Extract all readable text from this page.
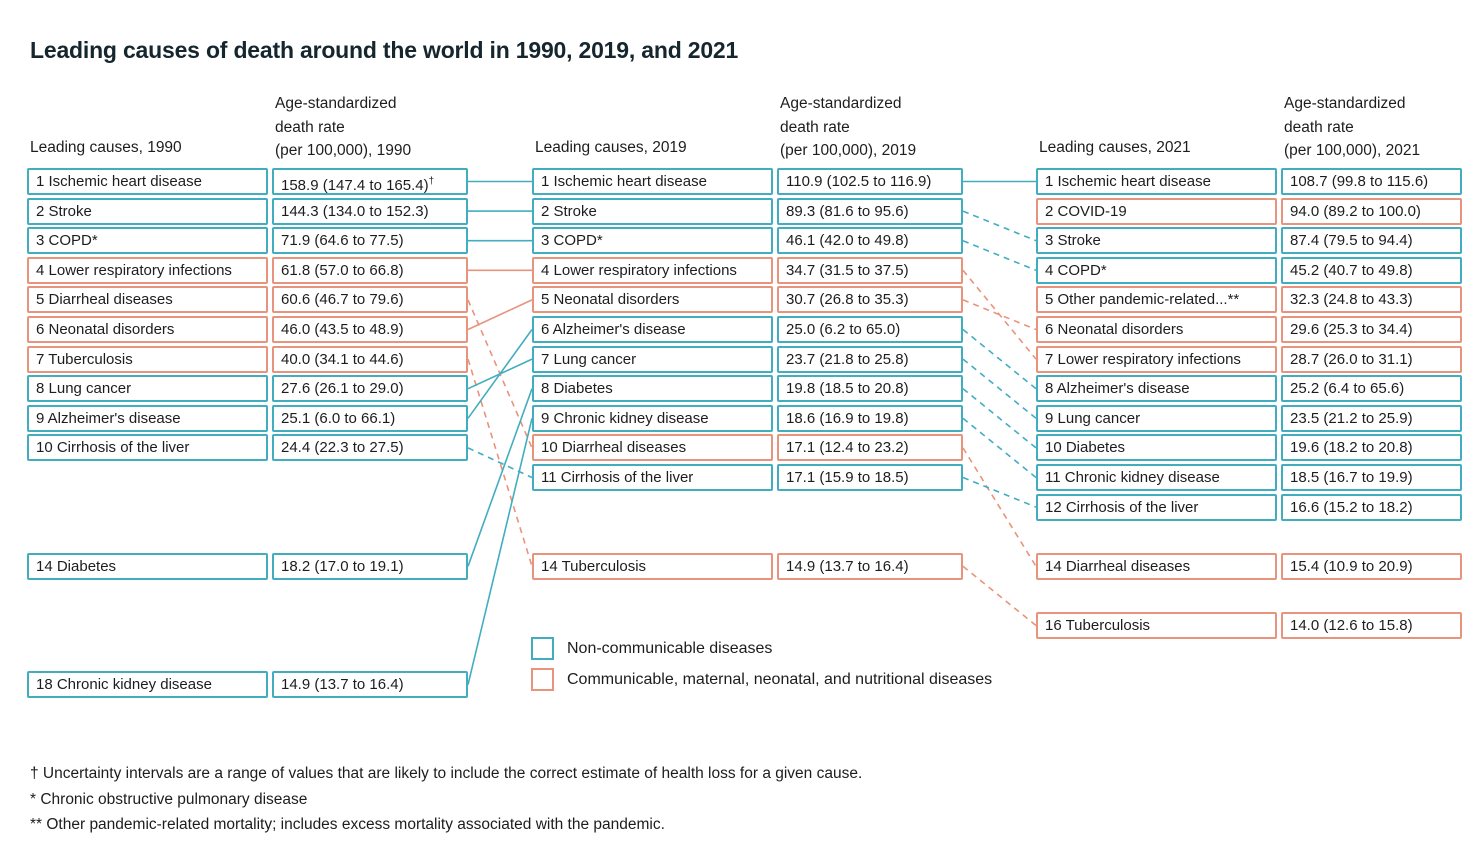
Leading causes of death around the world in 1990, 2019, and 2021
Leading causes, 1990
Age-standardized
death rate
(per 100,000), 1990
1 Ischemic heart disease	158.9 (147.4 to 165.4)†
2 Stroke	144.3 (134.0 to 152.3)
3 COPD*	71.9 (64.6 to 77.5)
4 Lower respiratory infections	61.8 (57.0 to 66.8)
5 Diarrheal diseases	60.6 (46.7 to 79.6)
6 Neonatal disorders	46.0 (43.5 to 48.9)
7 Tuberculosis	40.0 (34.1 to 44.6)
8 Lung cancer	27.6 (26.1 to 29.0)
9 Alzheimer's disease	25.1 (6.0 to 66.1)
10 Cirrhosis of the liver	24.4 (22.3 to 27.5)
14 Diabetes	18.2 (17.0 to 19.1)
18 Chronic kidney disease	14.9 (13.7 to 16.4)
Leading causes, 2019
Age-standardized
death rate
(per 100,000), 2019
1 Ischemic heart disease	110.9 (102.5 to 116.9)
2 Stroke	89.3 (81.6 to 95.6)
3 COPD*	46.1 (42.0 to 49.8)
4 Lower respiratory infections	34.7 (31.5 to 37.5)
5 Neonatal disorders	30.7 (26.8 to 35.3)
6 Alzheimer's disease	25.0 (6.2 to 65.0)
7 Lung cancer	23.7 (21.8 to 25.8)
8 Diabetes	19.8 (18.5 to 20.8)
9 Chronic kidney disease	18.6 (16.9 to 19.8)
10 Diarrheal diseases	17.1 (12.4 to 23.2)
11 Cirrhosis of the liver	17.1 (15.9 to 18.5)
14 Tuberculosis	14.9 (13.7 to 16.4)
Leading causes, 2021
Age-standardized
death rate
(per 100,000), 2021
1 Ischemic heart disease	108.7 (99.8 to 115.6)
2 COVID-19	94.0 (89.2 to 100.0)
3 Stroke	87.4 (79.5 to 94.4)
4 COPD*	45.2 (40.7 to 49.8)
5 Other pandemic-related...**	32.3 (24.8 to 43.3)
6 Neonatal disorders	29.6 (25.3 to 34.4)
7 Lower respiratory infections	28.7 (26.0 to 31.1)
8 Alzheimer's disease	25.2 (6.4 to 65.6)
9 Lung cancer	23.5 (21.2 to 25.9)
10 Diabetes	19.6 (18.2 to 20.8)
11 Chronic kidney disease	18.5 (16.7 to 19.9)
12 Cirrhosis of the liver	16.6 (15.2 to 18.2)
14 Diarrheal diseases	15.4 (10.9 to 20.9)
16 Tuberculosis	14.0 (12.6 to 15.8)
Non-communicable diseases
Communicable, maternal, neonatal, and nutritional diseases
† Uncertainty intervals are a range of values that are likely to include the correct estimate of health loss for a given cause.
* Chronic obstructive pulmonary disease
** Other pandemic-related mortality; includes excess mortality associated with the pandemic.
